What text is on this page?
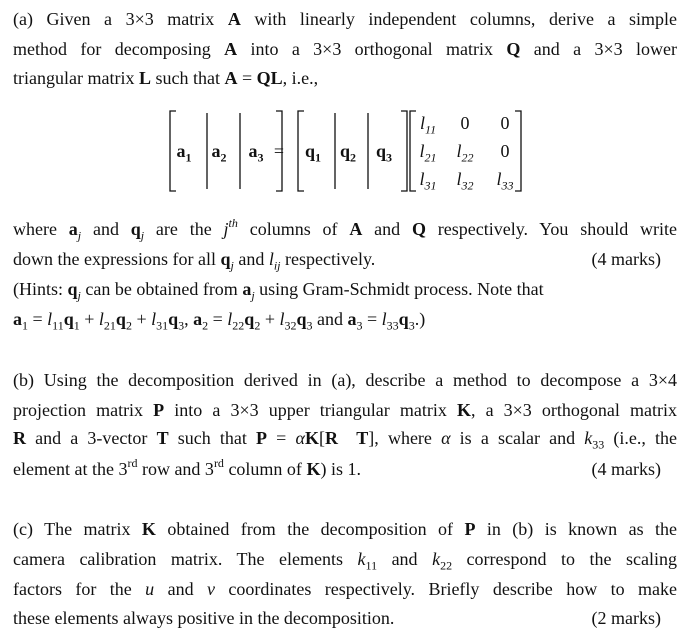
(a) Given a 3×3 matrix A with linearly independent columns, derive a simple
method for decomposing A into a 3×3 orthogonal matrix Q and a 3×3 lower
triangular matrix L such that A = QL, i.e.,
$a_1$	$a_2$	$a_3$ =	$q_1$	$q_2$	$q_3$
$l_{11}$	0	0
$l_{21}$	$l_{22}$	0
$l_{31}$	$l_{32}$	$l_{33}$
where $a_j$ and $q_j$ are the $j^{th}$ columns of A and Q respectively. You should write
down the expressions for all $q_j$ and $l_{ij}$ respectively.	(4 marks)
(Hints: $q_j$ can be obtained from $a_j$ using Gram-Schmidt process. Note that
$a_1 = l_{11}q_1 + l_{21}q_2 + l_{31}q_3$, $a_2 = l_{22}q_2 + l_{32}q_3$ and $a_3 = l_{33}q_3$.)
(b) Using the decomposition derived in (a), describe a method to decompose a 3×4
projection matrix P into a 3×3 upper triangular matrix K, a 3×3 orthogonal matrix
R and a 3-vector T such that P = αK[R T], where α is a scalar and $k_{33}$ (i.e., the
element at the 3rd row and 3rd column of K) is 1.	(4 marks)
(c) The matrix K obtained from the decomposition of P in (b) is known as the
camera calibration matrix. The elements $k_{11}$ and $k_{22}$ correspond to the scaling
factors for the u and v coordinates respectively. Briefly describe how to make
these elements always positive in the decomposition.	(2 marks)
